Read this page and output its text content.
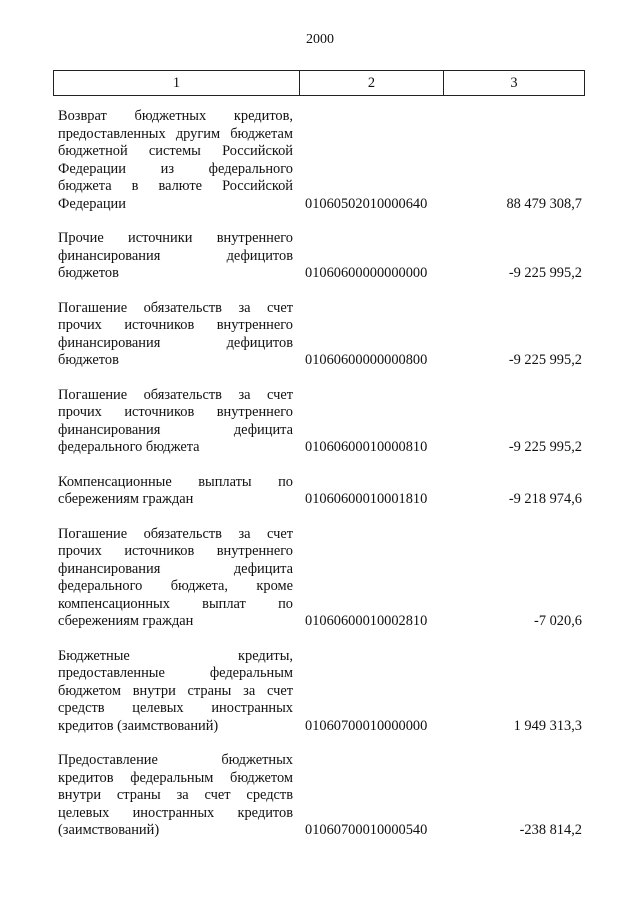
2000
1	2	3
Возврат бюджетных кредитов,
предоставленных другим бюджетам
бюджетной системы Российской
Федерации из федерального
бюджета в валюте Российской
Федерации	01060502010000640	88 479 308,7
Прочие источники внутреннего
финансирования дефицитов
бюджетов	01060600000000000	-9 225 995,2
Погашение обязательств за счет
прочих источников внутреннего
финансирования дефицитов
бюджетов	01060600000000800	-9 225 995,2
Погашение обязательств за счет
прочих источников внутреннего
финансирования дефицита
федерального бюджета	01060600010000810	-9 225 995,2
Компенсационные выплаты по
сбережениям граждан	01060600010001810	-9 218 974,6
Погашение обязательств за счет
прочих источников внутреннего
финансирования дефицита
федерального бюджета, кроме
компенсационных выплат по
сбережениям граждан	01060600010002810	-7 020,6
Бюджетные кредиты,
предоставленные федеральным
бюджетом внутри страны за счет
средств целевых иностранных
кредитов (заимствований)	01060700010000000	1 949 313,3
Предоставление бюджетных
кредитов федеральным бюджетом
внутри страны за счет средств
целевых иностранных кредитов
(заимствований)	01060700010000540	-238 814,2
